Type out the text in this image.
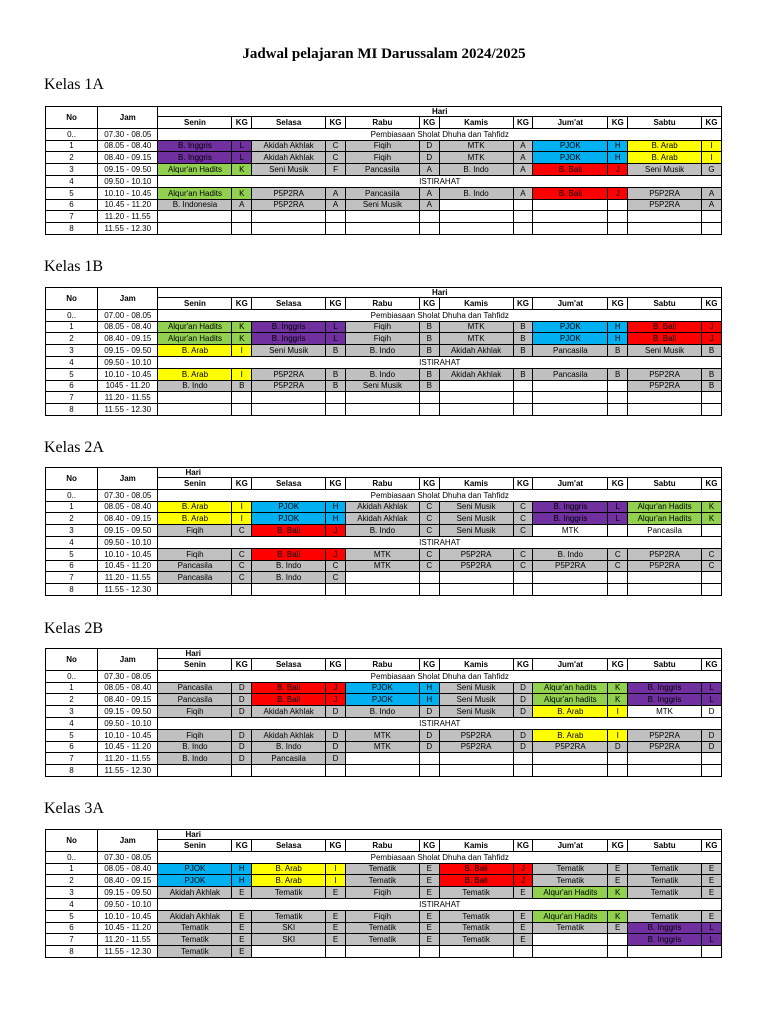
Jadwal pelajaran MI Darussalam 2024/2025
Kelas 1A
No	Jam	Hari											
		Senin	KG	Selasa	KG	Rabu	KG	Kamis	KG	Jum'at	KG	Sabtu	KG
0..	07.30 - 08.05	Pembiasaan Sholat Dhuha dan Tahfidz											
1	08.05 - 08.40	B. Inggris	L	Akidah Akhlak	C	Fiqih	D	MTK	A	PJOK	H	B. Arab	I
2	08.40 - 09.15	B. Inggris	L	Akidah Akhlak	C	Fiqih	D	MTK	A	PJOK	H	B. Arab	I
3	09.15 - 09.50	Alqur'an Hadits	K	Seni Musik	F	Pancasila	A	B. Indo	A	B. Bali	J	Seni Musik	G
4	09.50 - 10.10	ISTIRAHAT											
5	10.10 - 10.45	Alqur'an Hadits	K	P5P2RA	A	Pancasila	A	B. Indo	A	B. Bali	J	P5P2RA	A
6	10.45 - 11.20	B. Indonesia	A	P5P2RA	A	Seni Musik	A					P5P2RA	A
7	11.20 - 11.55												
8	11.55 - 12.30												
Kelas 1B
No	Jam	Hari											
		Senin	KG	Selasa	KG	Rabu	KG	Kamis	KG	Jum'at	KG	Sabtu	KG
0..	07.00 - 08.05	Pembiasaan Sholat Dhuha dan Tahfidz											
1	08.05 - 08.40	Alqur'an Hadits	K	B. Inggris	L	Fiqih	B	MTK	B	PJOK	H	B. Bali	J
2	08.40 - 09.15	Alqur'an Hadits	K	B. Inggris	L	Fiqih	B	MTK	B	PJOK	H	B. Bali	J
3	09.15 - 09.50	B. Arab	I	Seni Musik	B	B. Indo	B	Akidah Akhlak	B	Pancasila	B	Seni Musik	B
4	09.50 - 10.10	ISTIRAHAT											
5	10.10 - 10.45	B. Arab	I	P5P2RA	B	B. Indo	B	Akidah Akhlak	B	Pancasila	B	P5P2RA	B
6	1045 - 11.20	B. Indo	B	P5P2RA	B	Seni Musik	B					P5P2RA	B
7	11.20 - 11.55												
8	11.55 - 12.30												
Kelas 2A
No	Jam	Hari											
		Senin	KG	Selasa	KG	Rabu	KG	Kamis	KG	Jum'at	KG	Sabtu	KG
0..	07.30 - 08.05	Pembiasaan Sholat Dhuha dan Tahfidz											
1	08.05 - 08.40	B. Arab	I	PJOK	H	Akidah Akhlak	C	Seni Musik	C	B. Inggris	L	Alqur'an Hadits	K
2	08.40 - 09.15	B. Arab	I	PJOK	H	Akidah Akhlak	C	Seni Musik	C	B. Inggris	L	Alqur'an Hadits	K
3	09.15 - 09.50	Fiqih	C	B. Bali	J	B. Indo	C	Seni Musik	C	MTK		Pancasila	
4	09.50 - 10.10	ISTIRAHAT											
5	10.10 - 10.45	Fiqih	C	B. Bali	J	MTK	C	P5P2RA	C	B. Indo	C	P5P2RA	C
6	10.45 - 11.20	Pancasila	C	B. Indo	C	MTK	C	P5P2RA	C	P5P2RA	C	P5P2RA	C
7	11.20 - 11.55	Pancasila	C	B. Indo	C								
8	11.55 - 12.30												
Kelas 2B
No	Jam	Hari											
		Senin	KG	Selasa	KG	Rabu	KG	Kamis	KG	Jum'at	KG	Sabtu	KG
0..	07.30 - 08.05	Pembiasaan Sholat Dhuha dan Tahfidz											
1	08.05 - 08.40	Pancasila	D	B. Bali	J	PJOK	H	Seni Musik	D	Alqur'an hadits	K	B. Inggris	L
2	08.40 - 09.15	Pancasila	D	B. Bali	J	PJOK	H	Seni Musik	D	Alqur'an hadits	K	B. Inggris	L
3	09.15 - 09.50	Fiqih	D	Akidah Akhlak	D	B. Indo	D	Seni Musik	D	B. Arab	I	MTK	D
4	09.50 - 10.10	ISTIRAHAT											
5	10.10 - 10.45	Fiqih	D	Akidah Akhlak	D	MTK	D	P5P2RA	D	B. Arab	I	P5P2RA	D
6	10.45 - 11.20	B. Indo	D	B. Indo	D	MTK	D	P5P2RA	D	P5P2RA	D	P5P2RA	D
7	11.20 - 11.55	B. Indo	D	Pancasila	D								
8	11.55 - 12.30												
Kelas 3A
No	Jam	Hari											
		Senin	KG	Selasa	KG	Rabu	KG	Kamis	KG	Jum'at	KG	Sabtu	KG
0..	07.30 - 08.05	Pembiasaan Sholat Dhuha dan Tahfidz											
1	08.05 - 08.40	PJOK	H	B. Arab	I	Tematik	E	B. Bali	J	Tematik	E	Tematik	E
2	08.40 - 09.15	PJOK	H	B. Arab	I	Tematik	E	B. Bali	J	Tematik	E	Tematik	E
3	09.15 - 09.50	Akidah Akhlak	E	Tematik	E	Fiqih	E	Tematik	E	Alqur'an Hadits	K	Tematik	E
4	09.50 - 10.10	ISTIRAHAT											
5	10.10 - 10.45	Akidah Akhlak	E	Tematik	E	Fiqih	E	Tematik	E	Alqur'an Hadits	K	Tematik	E
6	10.45 - 11.20	Tematik	E	SKI	E	Tematik	E	Tematik	E	Tematik	E	B. Inggris	L
7	11.20 - 11.55	Tematik	E	SKI	E	Tematik	E	Tematik	E			B. Inggris	L
8	11.55 - 12.30	Tematik	E										
